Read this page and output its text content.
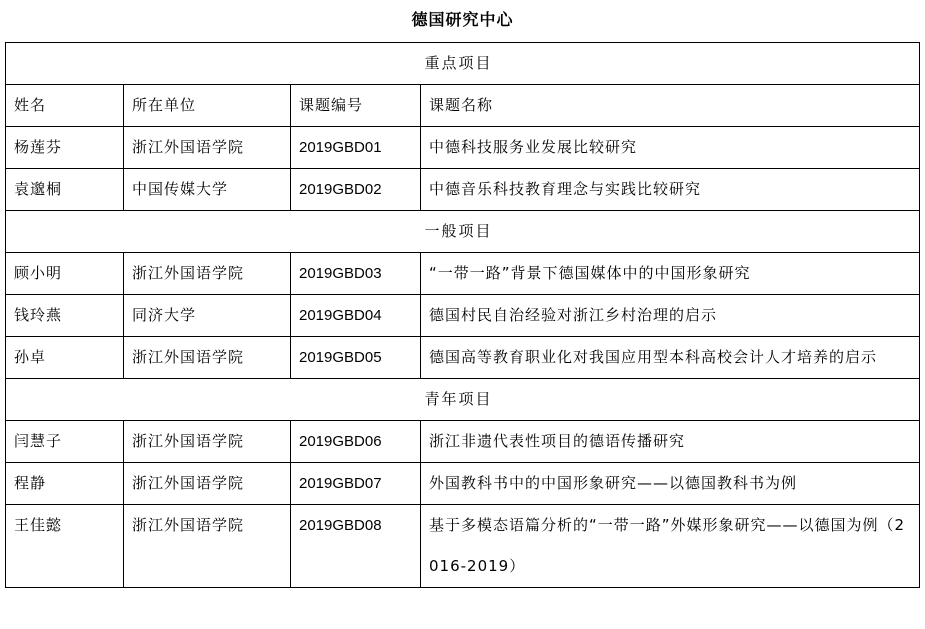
德国研究中心
重点项目			
姓名	所在单位	课题编号	课题名称
杨莲芬	浙江外国语学院	2019GBD01	中德科技服务业发展比较研究
袁邈桐	中国传媒大学	2019GBD02	中德音乐科技教育理念与实践比较研究
一般项目			
顾小明	浙江外国语学院	2019GBD03	“一带一路”背景下德国媒体中的中国形象研究
钱玲燕	同济大学	2019GBD04	德国村民自治经验对浙江乡村治理的启示
孙卓	浙江外国语学院	2019GBD05	德国高等教育职业化对我国应用型本科高校会计人才培养的启示
青年项目			
闫慧子	浙江外国语学院	2019GBD06	浙江非遗代表性项目的德语传播研究
程静	浙江外国语学院	2019GBD07	外国教科书中的中国形象研究——以德国教科书为例
王佳懿	浙江外国语学院	2019GBD08	基于多模态语篇分析的“一带一路”外媒形象研究——以德国为例（2016-2019）
